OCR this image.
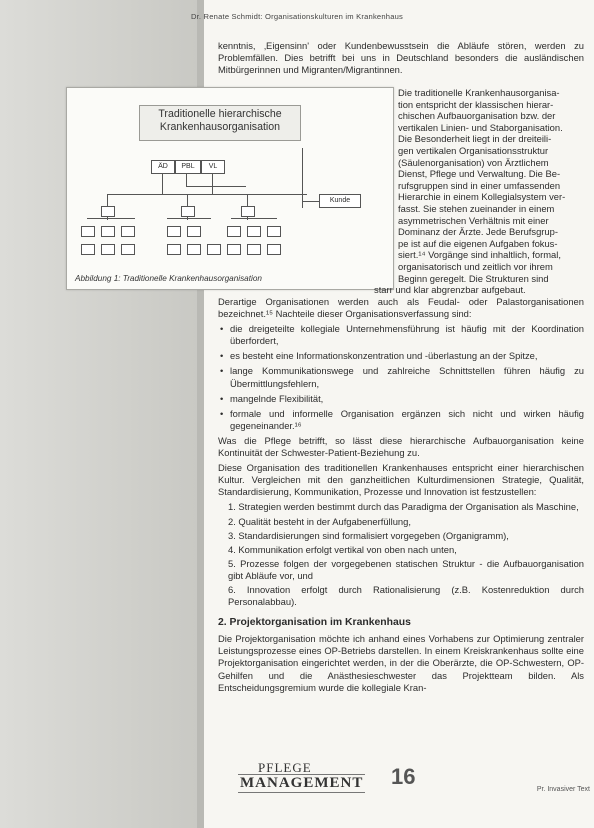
Dr. Renate Schmidt: Organisationskulturen im Krankenhaus
kenntnis, ‚Eigensinn' oder Kundenbewusstsein die Abläufe stören, werden zu Problemfällen. Dies betrifft bei uns in Deutschland besonders die ausländischen Mitbürgerinnen und Migranten/Migrantinnen.
Traditionelle hierarchische Krankenhausorganisation
ÄD	PBL	VL
Kunde
Abbildung 1: Traditionelle Krankenhausorganisation
Die traditionelle Krankenhausorganisa-
tion entspricht der klassischen hierar-
chischen Aufbauorganisation bzw. der
vertikalen Linien- und Staborganisation.
Die Besonderheit liegt in der dreiteili-
gen vertikalen Organisationsstruktur
(Säulenorganisation) von Ärztlichem
Dienst, Pflege und Verwaltung. Die Be-
rufsgruppen sind in einer umfassenden
Hierarchie in einem Kollegialsystem ver-
fasst. Sie stehen zueinander in einem
asymmetrischen Verhältnis mit einer
Dominanz der Ärzte. Jede Berufsgrup-
pe ist auf die eigenen Aufgaben fokus-
siert.¹⁴ Vorgänge sind inhaltlich, formal,
organisatorisch und zeitlich vor ihrem
Beginn geregelt. Die Strukturen sind
starr und klar abgrenzbar aufgebaut.

Derartige Organisationen werden auch als Feudal- oder Palastorganisationen bezeichnet.¹⁵ Nachteile dieser Organisationsverfassung sind:

• die dreigeteilte kollegiale Unternehmensführung ist häufig mit der Koordination überfordert,
• es besteht eine Informationskonzentration und -überlastung an der Spitze,
• lange Kommunikationswege und zahlreiche Schnittstellen führen häufig zu Übermittlungsfehlern,
• mangelnde Flexibilität,
• formale und informelle Organisation ergänzen sich nicht und wirken häufig gegeneinander.¹⁶

Was die Pflege betrifft, so lässt diese hierarchische Aufbauorganisation keine Kontinuität der Schwester-Patient-Beziehung zu.

Diese Organisation des traditionellen Krankenhauses entspricht einer hierarchischen Kultur. Vergleichen mit den ganzheitlichen Kulturdimensionen Strategie, Qualität, Standardisierung, Kommunikation, Prozesse und Innovation ist festzustellen:

1. Strategien werden bestimmt durch das Paradigma der Organisation als Maschine,
2. Qualität besteht in der Aufgabenerfüllung,
3. Standardisierungen sind formalisiert vorgegeben (Organigramm),
4. Kommunikation erfolgt vertikal von oben nach unten,
5. Prozesse folgen der vorgegebenen statischen Struktur - die Aufbauorganisation gibt Abläufe vor, und
6. Innovation erfolgt durch Rationalisierung (z.B. Kostenreduktion durch Personalabbau).
2. Projektorganisation im Krankenhaus

Die Projektorganisation möchte ich anhand eines Vorhabens zur Optimierung zentraler Leistungsprozesse eines OP-Betriebs darstellen. In einem Kreiskrankenhaus sollte eine Projektorganisation eingerichtet werden, in der die Oberärzte, die OP-Schwestern, OP-Gehilfen und die Anästhesieschwester das Projektteam bilden. Als Entscheidungsgremium wurde die kollegiale Kran-

PFLEGE
MANAGEMENT 16
Pr. Invasiver Text
